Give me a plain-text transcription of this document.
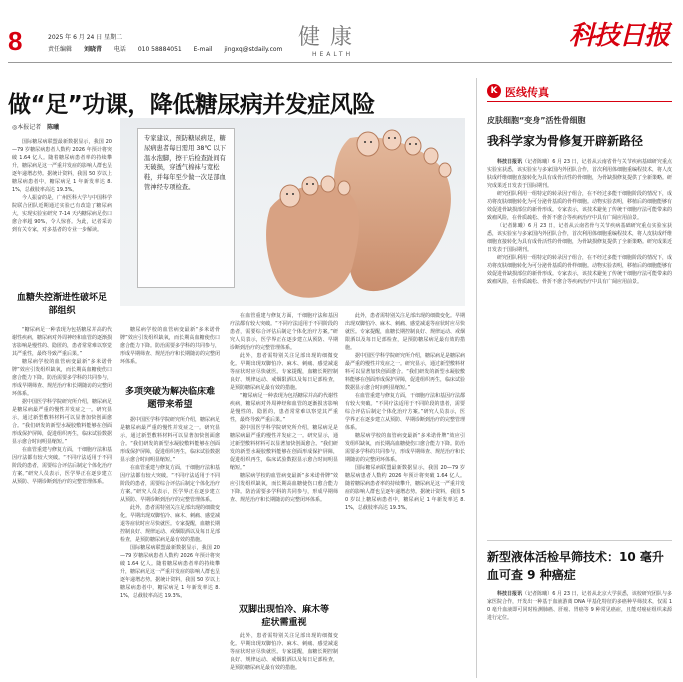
8	2025 年 6 月 24 日 星期二
责任编辑 刘晓青 电话 010 58884051 E-mail jingxq@stdaily.com 健康
HEALTH
科技日报
做“足”功课，降低糖尿病并发症风险
◎本报记者 陈曦
专家建议，预防糖尿病足，糖尿病患者每日需用 38℃ 以下温水泡脚，擦干后检查趾间有无破损，穿透气棉袜与宽松鞋，并每年至少做一次足部血管神经专项检查。

国际糖尿病联盟最新数据显示，我国 20—79 岁糖尿病患者人数约 2026 年预计将突破 1.64 亿人。随着糖尿病患者率的持续攀升，糖尿病足这一严重并发症的影响人群也呈逐年递增态势。据统计资料，我国 50 岁以上糖尿病患者中，糖尿病足 1 年新发率达 8.1%，总截肢率高达 19.3%。

今人振奋的是，广州医科大学与中国科学院联合团队近期通过实验已有改造了糖尿病大，实现实验室研究 7-14 天内糖尿病足伤口愈合率超 90%，令人惊喜。为此，记者采访到有关专家，对多基者的专业一步解读。

血糖失控渐进性破坏足部组织

“糖尿病足一种表现为包括糖尿并高的代谢性疾病，糖尿病对外周神经和血管的逐渐损害影响是慢性的、隐匿的，患者常常难以察觉其严重性，最终导致严重后果。”

糖尿病学校的血管病变最新“多米诺骨牌”效应引发组织缺氧，而长期高血糖使伤口愈合能力下降。防治需要多学科的共同参与，形成早期筛查、规范治疗和长期随访的完整闭环体系。

据中国医学科学院研究所介绍，糖尿病足是糖尿病最严重的慢性并发症之一。研究显示，通过新型敷料材料可以显著加快创面愈合。“我们研发的新型水凝胶敷料能够在创面形成保护屏障，促进组织再生，临床试验数据显示愈合时间明显缩短。”

在血管重建与修复方面，干细胞疗法和基因疗法都有较大突破。“不同疗法适用于不同阶段的患者，需要综合评估后制定个体化治疗方案。”研究人员表示，医学界正在逐步建立从预防、早期诊断到治疗的完整管理体系。

糖尿病学校的血管病变最新“多米诺骨牌”效应引发组织缺氧，而长期高血糖使伤口愈合能力下降。防治需要多学科的共同参与，形成早期筛查、规范治疗和长期随访的完整闭环体系。

多项突破为解决临床难题带来希望

据中国医学科学院研究所介绍，糖尿病足是糖尿病最严重的慢性并发症之一。研究显示，通过新型敷料材料可以显著加快创面愈合。“我们研发的新型水凝胶敷料能够在创面形成保护屏障，促进组织再生，临床试验数据显示愈合时间明显缩短。”

在血管重建与修复方面，干细胞疗法和基因疗法都有较大突破。“不同疗法适用于不同阶段的患者，需要综合评估后制定个体化治疗方案。”研究人员表示，医学界正在逐步建立从预防、早期诊断到治疗的完整管理体系。

此外，患者需特别关注足部出现的细微变化。早期出现双脚怕冷、麻木、刺痛、感觉减退等症状时应尽快就医。专家提醒，血糖长期控制良好、规律运动、戒烟限酒以及每日足部检查，是预防糖尿病足最有效的措施。

国际糖尿病联盟最新数据显示，我国 20—79 岁糖尿病患者人数约 2026 年预计将突破 1.64 亿人。随着糖尿病患者率的持续攀升，糖尿病足这一严重并发症的影响人群也呈逐年递增态势。据统计资料，我国 50 岁以上糖尿病患者中，糖尿病足 1 年新发率达 8.1%，总截肢率高达 19.3%。

在血管重建与修复方面，干细胞疗法和基因疗法都有较大突破。“不同疗法适用于不同阶段的患者，需要综合评估后制定个体化治疗方案。”研究人员表示，医学界正在逐步建立从预防、早期诊断到治疗的完整管理体系。

此外，患者需特别关注足部出现的细微变化。早期出现双脚怕冷、麻木、刺痛、感觉减退等症状时应尽快就医。专家提醒，血糖长期控制良好、规律运动、戒烟限酒以及每日足部检查，是预防糖尿病足最有效的措施。

“糖尿病足一种表现为包括糖尿并高的代谢性疾病，糖尿病对外周神经和血管的逐渐损害影响是慢性的、隐匿的，患者常常难以察觉其严重性，最终导致严重后果。”

据中国医学科学院研究所介绍，糖尿病足是糖尿病最严重的慢性并发症之一。研究显示，通过新型敷料材料可以显著加快创面愈合。“我们研发的新型水凝胶敷料能够在创面形成保护屏障，促进组织再生，临床试验数据显示愈合时间明显缩短。”

糖尿病学校的血管病变最新“多米诺骨牌”效应引发组织缺氧，而长期高血糖使伤口愈合能力下降。防治需要多学科的共同参与，形成早期筛查、规范治疗和长期随访的完整闭环体系。

双脚出现怕冷、麻木等症状需重视

此外，患者需特别关注足部出现的细微变化。早期出现双脚怕冷、麻木、刺痛、感觉减退等症状时应尽快就医。专家提醒，血糖长期控制良好、规律运动、戒烟限酒以及每日足部检查，是预防糖尿病足最有效的措施。

此外，患者需特别关注足部出现的细微变化。早期出现双脚怕冷、麻木、刺痛、感觉减退等症状时应尽快就医。专家提醒，血糖长期控制良好、规律运动、戒烟限酒以及每日足部检查，是预防糖尿病足最有效的措施。

据中国医学科学院研究所介绍，糖尿病足是糖尿病最严重的慢性并发症之一。研究显示，通过新型敷料材料可以显著加快创面愈合。“我们研发的新型水凝胶敷料能够在创面形成保护屏障，促进组织再生，临床试验数据显示愈合时间明显缩短。”

在血管重建与修复方面，干细胞疗法和基因疗法都有较大突破。“不同疗法适用于不同阶段的患者，需要综合评估后制定个体化治疗方案。”研究人员表示，医学界正在逐步建立从预防、早期诊断到治疗的完整管理体系。

糖尿病学校的血管病变最新“多米诺骨牌”效应引发组织缺氧，而长期高血糖使伤口愈合能力下降。防治需要多学科的共同参与，形成早期筛查、规范治疗和长期随访的完整闭环体系。

国际糖尿病联盟最新数据显示，我国 20—79 岁糖尿病患者人数约 2026 年预计将突破 1.64 亿人。随着糖尿病患者率的持续攀升，糖尿病足这一严重并发症的影响人群也呈逐年递增态势。据统计资料，我国 50 岁以上糖尿病患者中，糖尿病足 1 年新发率达 8.1%，总截肢率高达 19.3%。

K 医线传真
皮肤细胞“变身”活性骨细胞
我科学家为骨修复开辟新路径

科技日报讯（记者陈曦）6 月 23 日，记者从云南省骨与关节疾病基础研究重点实验室获悉，该实验室与多家国内外团队合作，首次利用体细胞重编程技术，将人皮肤成纤维细胞直接转化为具有成骨活性的骨细胞，为骨缺损修复提供了全新策略。研究成果近日发表于国际期刊。

研究团队利用一组特定的转录因子组合，在不经过多能干细胞阶段的情况下，成功将皮肤细胞转化为可分泌骨基质的骨样细胞。动物实验表明，移植后的细胞能够有效促进骨缺损部位的新骨形成。专家表示，该技术避免了传统干细胞疗法可能带来的致瘤风险，在骨质疏松、骨折不愈合等疾病治疗中具有广阔应用前景。

（记者陈曦）6 月 23 日，记者从云南省骨与关节疾病基础研究重点实验室获悉，该实验室与多家国内外团队合作，首次利用体细胞重编程技术，将人皮肤成纤维细胞直接转化为具有成骨活性的骨细胞，为骨缺损修复提供了全新策略。研究成果近日发表于国际期刊。

研究团队利用一组特定的转录因子组合，在不经过多能干细胞阶段的情况下，成功将皮肤细胞转化为可分泌骨基质的骨样细胞。动物实验表明，移植后的细胞能够有效促进骨缺损部位的新骨形成。专家表示，该技术避免了传统干细胞疗法可能带来的致瘤风险，在骨质疏松、骨折不愈合等疾病治疗中具有广阔应用前景。

新型液体活检早筛技术：10 毫升血可查 9 种癌症

科技日报讯（记者陈曦）6 月 23 日，记者从北京大学获悉，该校研究团队与多家医院合作，开发出一种基于血液游离 DNA 甲基化特征的多癌种早筛技术，仅需 10 毫升血液即可同时检测肺癌、肝癌、胃癌等 9 种常见癌症，且能对癌症组织来源进行定位。
